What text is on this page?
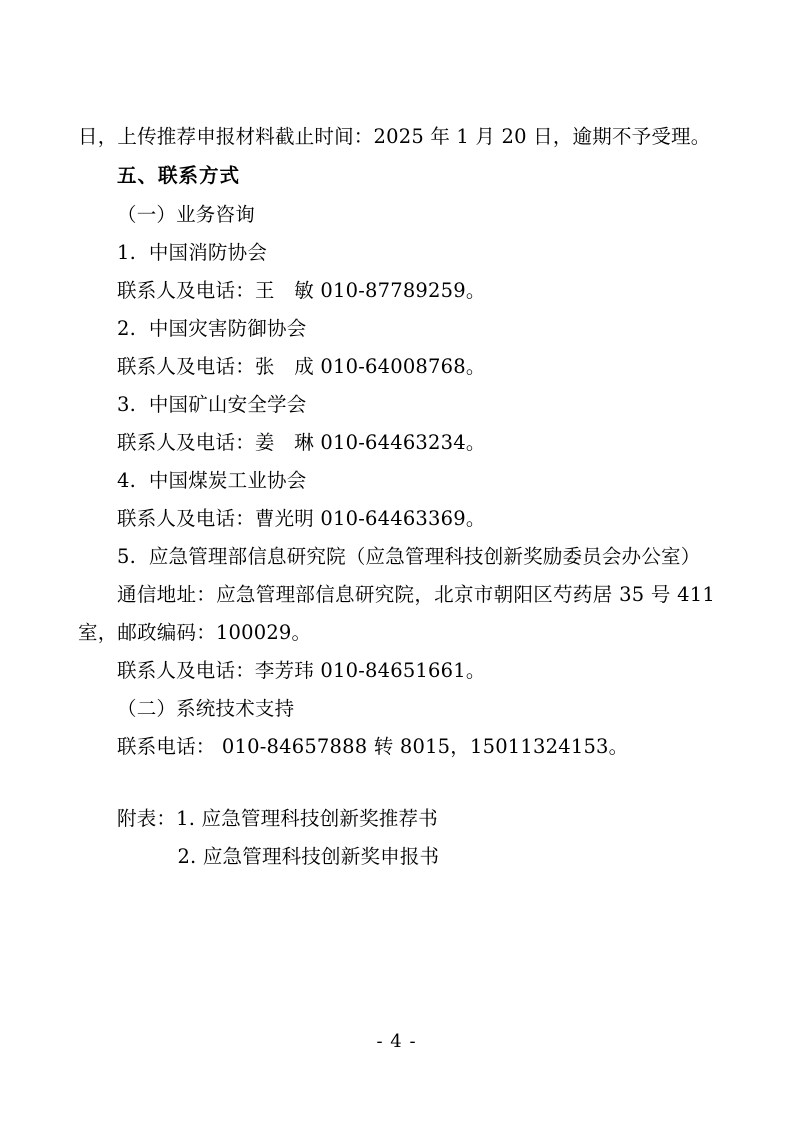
日，上传推荐申报材料截止时间：2025 年 1 月 20 日，逾期不予受理。

五、联系方式

（一）业务咨询

1. 中国消防协会

联系人及电话：王　敏 010-87789259。

2. 中国灾害防御协会

联系人及电话：张　成 010-64008768。

3. 中国矿山安全学会

联系人及电话：姜　琳 010-64463234。

4. 中国煤炭工业协会

联系人及电话：曹光明 010-64463369。

5. 应急管理部信息研究院（应急管理科技创新奖励委员会办公室）

通信地址：应急管理部信息研究院，北京市朝阳区芍药居 35 号 411 室，邮政编码：100029。

联系人及电话：李芳玮 010-84651661。

（二）系统技术支持

联系电话： 010-84657888 转 8015，15011324153。

附表：1. 应急管理科技创新奖推荐书

2. 应急管理科技创新奖申报书

- 4 -
